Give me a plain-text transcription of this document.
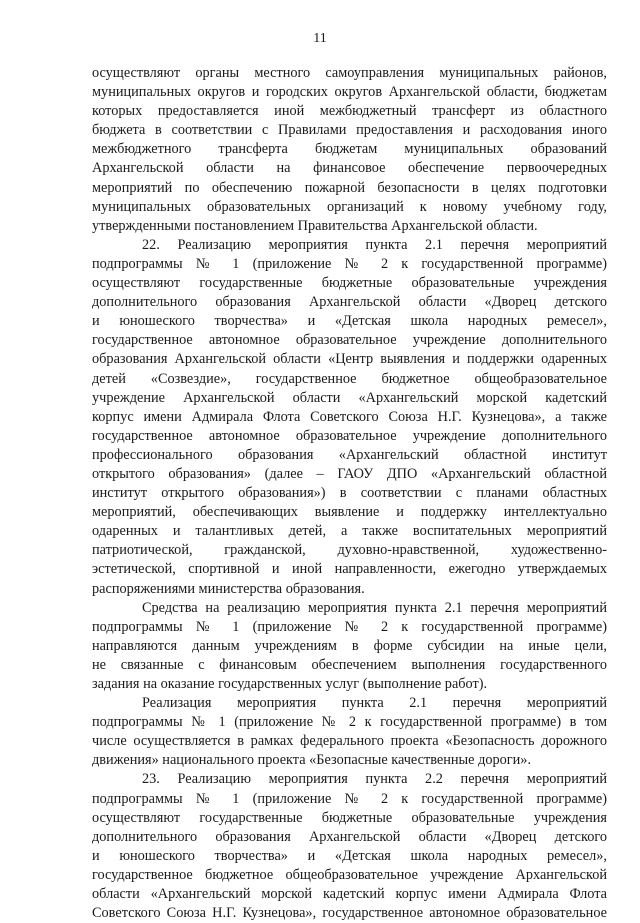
11
осуществляют органы местного самоуправления муниципальных районов,
муниципальных округов и городских округов Архангельской области, бюджетам
которых предоставляется иной межбюджетный трансферт из областного
бюджета в соответствии с Правилами предоставления и расходования иного
межбюджетного трансферта бюджетам муниципальных образований
Архангельской области на финансовое обеспечение первоочередных
мероприятий по обеспечению пожарной безопасности в целях подготовки
муниципальных образовательных организаций к новому учебному году,
утвержденными постановлением Правительства Архангельской области.
22. Реализацию мероприятия пункта 2.1 перечня мероприятий
подпрограммы № 1 (приложение № 2 к государственной программе)
осуществляют государственные бюджетные образовательные учреждения
дополнительного образования Архангельской области «Дворец детского
и юношеского творчества» и «Детская школа народных ремесел»,
государственное автономное образовательное учреждение дополнительного
образования Архангельской области «Центр выявления и поддержки одаренных
детей «Созвездие», государственное бюджетное общеобразовательное
учреждение Архангельской области «Архангельский морской кадетский
корпус имени Адмирала Флота Советского Союза Н.Г. Кузнецова», а также
государственное автономное образовательное учреждение дополнительного
профессионального образования «Архангельский областной институт
открытого образования» (далее – ГАОУ ДПО «Архангельский областной
институт открытого образования») в соответствии с планами областных
мероприятий, обеспечивающих выявление и поддержку интеллектуально
одаренных и талантливых детей, а также воспитательных мероприятий
патриотической, гражданской, духовно-нравственной, художественно-
эстетической, спортивной и иной направленности, ежегодно утверждаемых
распоряжениями министерства образования.
Средства на реализацию мероприятия пункта 2.1 перечня мероприятий
подпрограммы № 1 (приложение № 2 к государственной программе)
направляются данным учреждениям в форме субсидии на иные цели,
не связанные с финансовым обеспечением выполнения государственного
задания на оказание государственных услуг (выполнение работ).
Реализация мероприятия пункта 2.1 перечня мероприятий
подпрограммы № 1 (приложение № 2 к государственной программе) в том
числе осуществляется в рамках федерального проекта «Безопасность дорожного
движения» национального проекта «Безопасные качественные дороги».
23. Реализацию мероприятия пункта 2.2 перечня мероприятий
подпрограммы № 1 (приложение № 2 к государственной программе)
осуществляют государственные бюджетные образовательные учреждения
дополнительного образования Архангельской области «Дворец детского
и юношеского творчества» и «Детская школа народных ремесел»,
государственное бюджетное общеобразовательное учреждение Архангельской
области «Архангельский морской кадетский корпус имени Адмирала Флота
Советского Союза Н.Г. Кузнецова», государственное автономное образовательное
